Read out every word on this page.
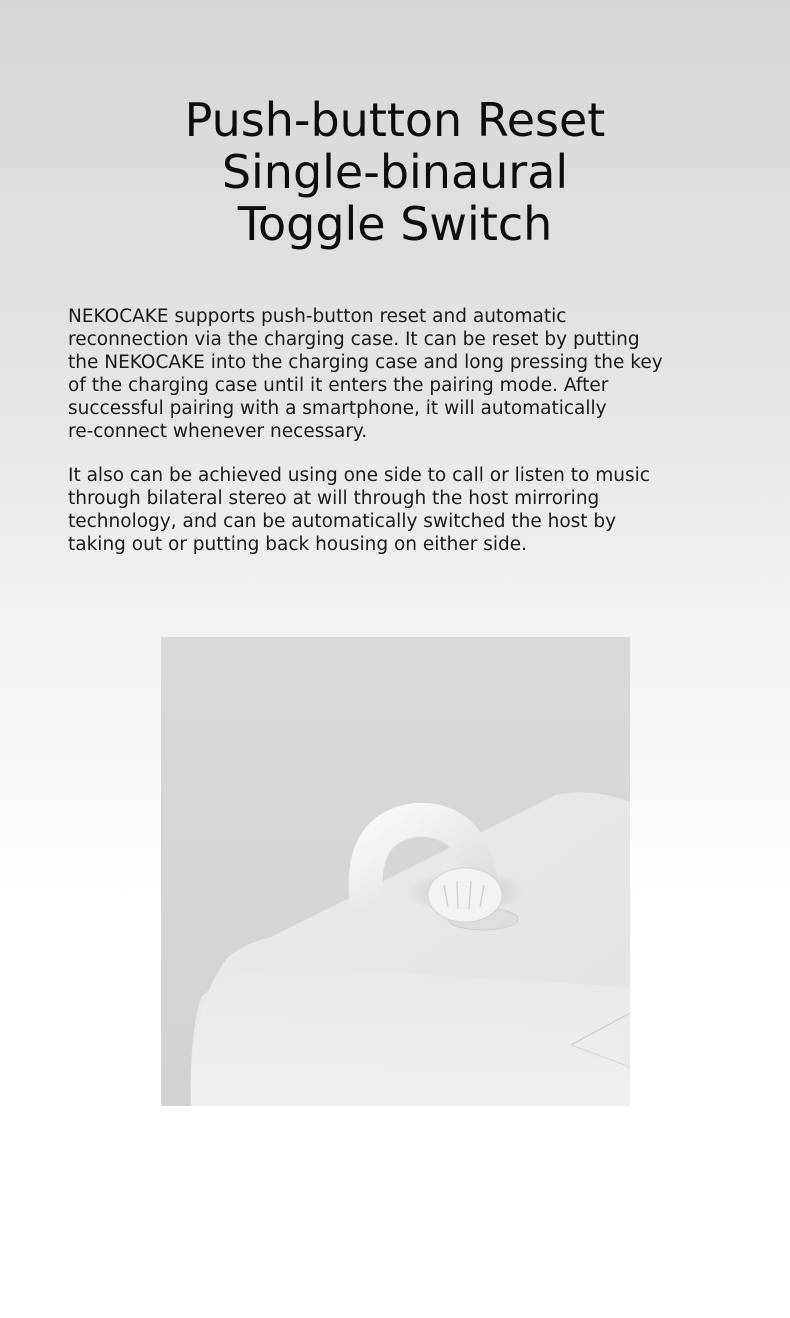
Push-button Reset
Single-binaural
Toggle Switch

NEKOCAKE supports push-button reset and automatic
reconnection via the charging case. It can be reset by putting
the NEKOCAKE into the charging case and long pressing the key
of the charging case until it enters the pairing mode. After
successful pairing with a smartphone, it will automatically
re-connect whenever necessary.

It also can be achieved using one side to call or listen to music
through bilateral stereo at will through the host mirroring
technology, and can be automatically switched the host by
taking out or putting back housing on either side.
